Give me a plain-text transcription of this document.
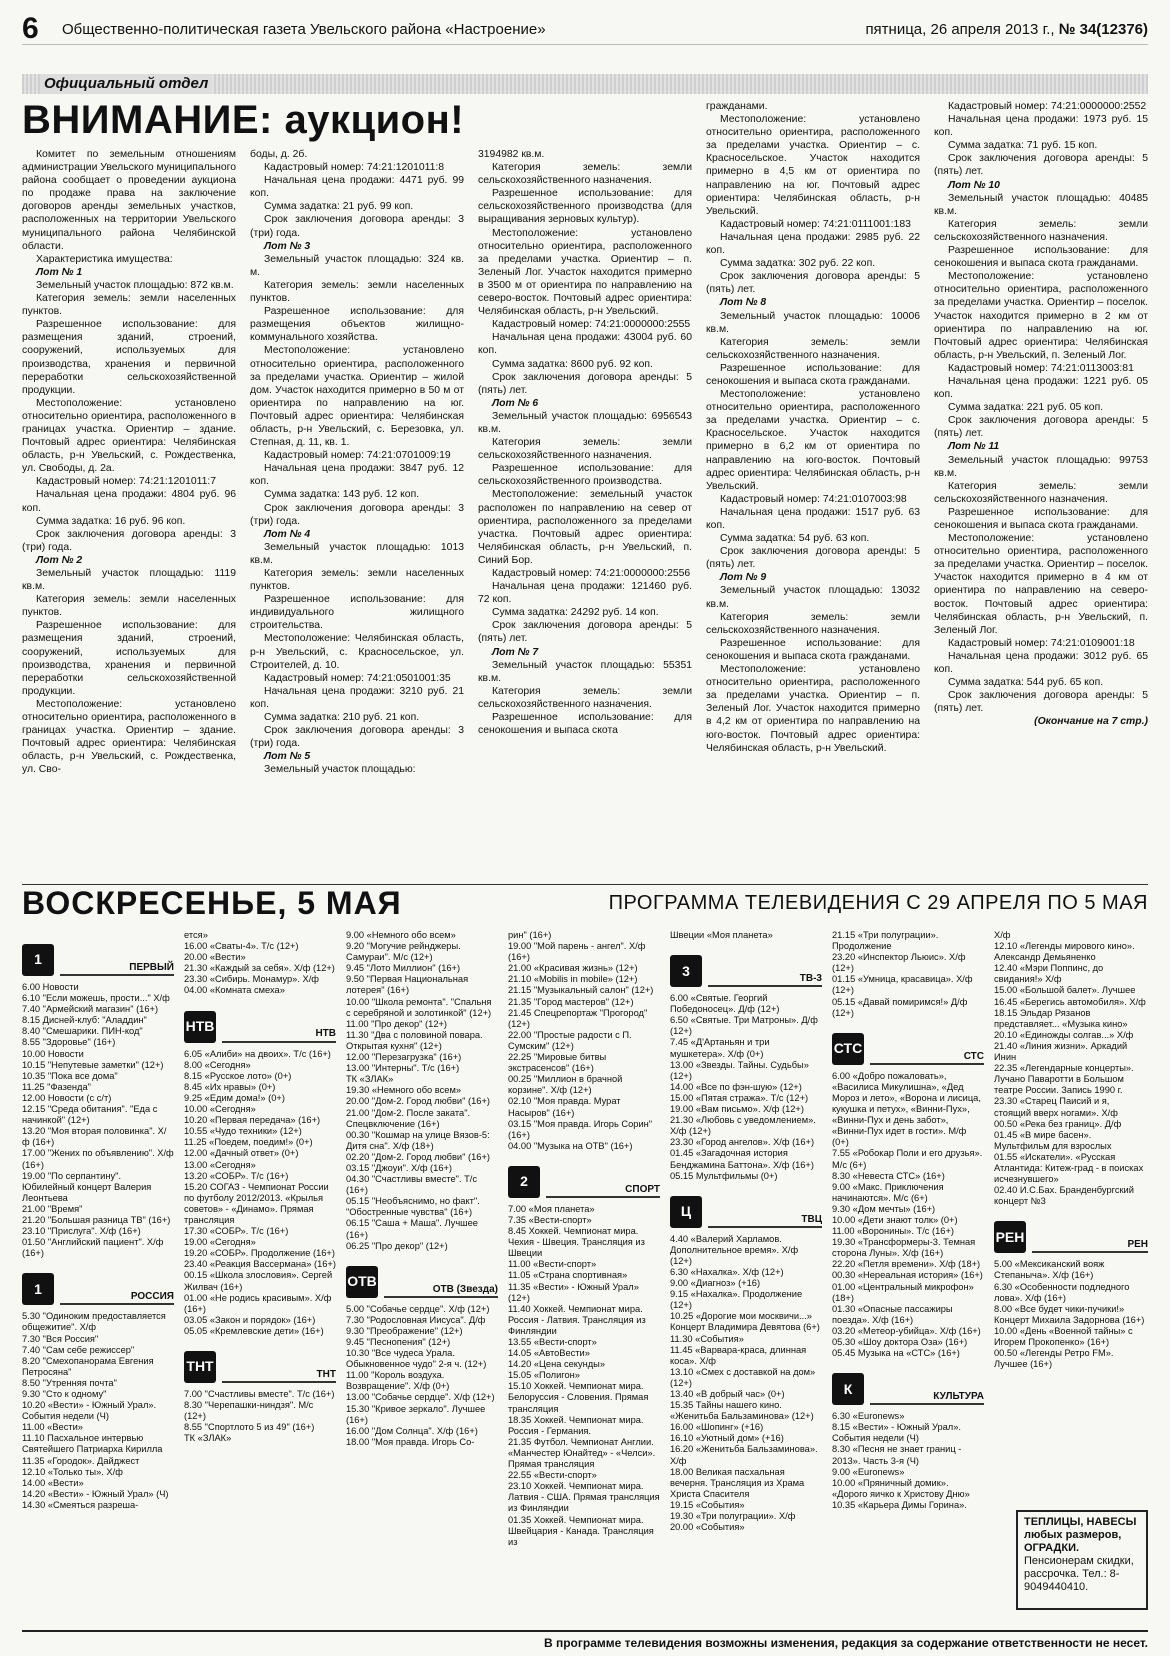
6	Общественно-политическая газета Увельского района «Настроение»	пятница, 26 апреля 2013 г., № 34(12376)
Официальный отдел
ВНИМАНИЕ: аукцион!

Комитет по земельным отношениям администрации Увельского муниципального района сообщает о проведении аукциона по продаже права на заключение договоров аренды земельных участков, расположенных на территории Увельского муниципального района Челябинской области.

Характеристика имущества:

Лот № 1

Земельный участок площадью: 872 кв.м.

Категория земель: земли населенных пунктов.

Разрешенное использование: для размещения зданий, строений, сооружений, используемых для производства, хранения и первичной переработки сельскохозяйственной продукции.

Местоположение: установлено относительно ориентира, расположенного в границах участка. Ориентир – здание. Почтовый адрес ориентира: Челябинская область, р-н Увельский, с. Рождественка, ул. Свободы, д. 2а.

Кадастровый номер: 74:21:1201011:7

Начальная цена продажи: 4804 руб. 96 коп.

Сумма задатка: 16 руб. 96 коп.

Срок заключения договора аренды: 3 (три) года.

Лот № 2

Земельный участок площадью: 1119 кв.м.

Категория земель: земли населенных пунктов.

Разрешенное использование: для размещения зданий, строений, сооружений, используемых для производства, хранения и первичной переработки сельскохозяйственной продукции.

Местоположение: установлено относительно ориентира, расположенного в границах участка. Ориентир – здание. Почтовый адрес ориентира: Челябинская область, р-н Увельский, с. Рождественка, ул. Сво-

боды, д. 2б.

Кадастровый номер: 74:21:1201011:8

Начальная цена продажи: 4471 руб. 99 коп.

Сумма задатка: 21 руб. 99 коп.

Срок заключения договора аренды: 3 (три) года.

Лот № 3

Земельный участок площадью: 324 кв. м.

Категория земель: земли населенных пунктов.

Разрешенное использование: для размещения объектов жилищно-коммунального хозяйства.

Местоположение: установлено относительно ориентира, расположенного за пределами участка. Ориентир – жилой дом. Участок находится примерно в 50 м от ориентира по направлению на юг. Почтовый адрес ориентира: Челябинская область, р-н Увельский, с. Березовка, ул. Степная, д. 11, кв. 1.

Кадастровый номер: 74:21:0701009:19

Начальная цена продажи: 3847 руб. 12 коп.

Сумма задатка: 143 руб. 12 коп.

Срок заключения договора аренды: 3 (три) года.

Лот № 4

Земельный участок площадью: 1013 кв.м.

Категория земель: земли населенных пунктов.

Разрешенное использование: для индивидуального жилищного строительства.

Местоположение: Челябинская область, р-н Увельский, с. Красносельское, ул. Строителей, д. 10.

Кадастровый номер: 74:21:0501001:35

Начальная цена продажи: 3210 руб. 21 коп.

Сумма задатка: 210 руб. 21 коп.

Срок заключения договора аренды: 3 (три) года.

Лот № 5

Земельный участок площадью:

3194982 кв.м.

Категория земель: земли сельскохозяйственного назначения.

Разрешенное использование: для сельскохозяйственного производства (для выращивания зерновых культур).

Местоположение: установлено относительно ориентира, расположенного за пределами участка. Ориентир – п. Зеленый Лог. Участок находится примерно в 3500 м от ориентира по направлению на северо-восток. Почтовый адрес ориентира: Челябинская область, р-н Увельский.

Кадастровый номер: 74:21:0000000:2555

Начальная цена продажи: 43004 руб. 60 коп.

Сумма задатка: 8600 руб. 92 коп.

Срок заключения договора аренды: 5 (пять) лет.

Лот № 6

Земельный участок площадью: 6956543 кв.м.

Категория земель: земли сельскохозяйственного назначения.

Разрешенное использование: для сельскохозяйственного производства.

Местоположение: земельный участок расположен по направлению на север от ориентира, расположенного за пределами участка. Почтовый адрес ориентира: Челябинская область, р-н Увельский, п. Синий Бор.

Кадастровый номер: 74:21:0000000:2556

Начальная цена продажи: 121460 руб. 72 коп.

Сумма задатка: 24292 руб. 14 коп.

Срок заключения договора аренды: 5 (пять) лет.

Лот № 7

Земельный участок площадью: 55351 кв.м.

Категория земель: земли сельскохозяйственного назначения.

Разрешенное использование: для сенокошения и выпаса скота

гражданами.

Местоположение: установлено относительно ориентира, расположенного за пределами участка. Ориентир – с. Красносельское. Участок находится примерно в 4,5 км от ориентира по направлению на юг. Почтовый адрес ориентира: Челябинская область, р-н Увельский.

Кадастровый номер: 74:21:0111001:183

Начальная цена продажи: 2985 руб. 22 коп.

Сумма задатка: 302 руб. 22 коп.

Срок заключения договора аренды: 5 (пять) лет.

Лот № 8

Земельный участок площадью: 10006 кв.м.

Категория земель: земли сельскохозяйственного назначения.

Разрешенное использование: для сенокошения и выпаса скота гражданами.

Местоположение: установлено относительно ориентира, расположенного за пределами участка. Ориентир – с. Красносельское. Участок находится примерно в 6,2 км от ориентира по направлению на юго-восток. Почтовый адрес ориентира: Челябинская область, р-н Увельский.

Кадастровый номер: 74:21:0107003:98

Начальная цена продажи: 1517 руб. 63 коп.

Сумма задатка: 54 руб. 63 коп.

Срок заключения договора аренды: 5 (пять) лет.

Лот № 9

Земельный участок площадью: 13032 кв.м.

Категория земель: земли сельскохозяйственного назначения.

Разрешенное использование: для сенокошения и выпаса скота гражданами.

Местоположение: установлено относительно ориентира, расположенного за пределами участка. Ориентир – п. Зеленый Лог. Участок находится примерно в 4,2 км от ориентира по направлению на юго-восток. Почтовый адрес ориентира: Челябинская область, р-н Увельский.

Кадастровый номер: 74:21:0000000:2552

Начальная цена продажи: 1973 руб. 15 коп.

Сумма задатка: 71 руб. 15 коп.

Срок заключения договора аренды: 5 (пять) лет.

Лот № 10

Земельный участок площадью: 40485 кв.м.

Категория земель: земли сельскохозяйственного назначения.

Разрешенное использование: для сенокошения и выпаса скота гражданами.

Местоположение: установлено относительно ориентира, расположенного за пределами участка. Ориентир – поселок. Участок находится примерно в 2 км от ориентира по направлению на юг. Почтовый адрес ориентира: Челябинская область, р-н Увельский, п. Зеленый Лог.

Кадастровый номер: 74:21:0113003:81

Начальная цена продажи: 1221 руб. 05 коп.

Сумма задатка: 221 руб. 05 коп.

Срок заключения договора аренды: 5 (пять) лет.

Лот № 11

Земельный участок площадью: 99753 кв.м.

Категория земель: земли сельскохозяйственного назначения.

Разрешенное использование: для сенокошения и выпаса скота гражданами.

Местоположение: установлено относительно ориентира, расположенного за пределами участка. Ориентир – поселок. Участок находится примерно в 4 км от ориентира по направлению на северо-восток. Почтовый адрес ориентира: Челябинская область, р-н Увельский, п. Зеленый Лог.

Кадастровый номер: 74:21:0109001:18

Начальная цена продажи: 3012 руб. 65 коп.

Сумма задатка: 544 руб. 65 коп.

Срок заключения договора аренды: 5 (пять) лет.

(Окончание на 7 стр.)

ВОСКРЕСЕНЬЕ, 5 МАЯ	ПРОГРАММА ТЕЛЕВИДЕНИЯ С 29 АПРЕЛЯ ПО 5 МАЯ
1	ПЕРВЫЙ
6.00 Новости
6.10 "Если можешь, прости..." Х/ф
7.40 "Армейский магазин" (16+)
8.15 Дисней-клуб: "Аладдин"
8.40 "Смешарики. ПИН-код"
8.55 "Здоровье" (16+)
10.00 Новости
10.15 "Непутевые заметки" (12+)
10.35 "Пока все дома"
11.25 "Фазенда"
12.00 Новости (с с/т)
12.15 "Среда обитания". "Еда с начинкой" (12+)
13.20 "Моя вторая половинка". Х/ф (16+)
17.00 "Жених по объявлению". Х/ф (16+)
19.00 "По серпантину". Юбилейный концерт Валерия Леонтьева
21.00 "Время"
21.20 "Большая разница ТВ" (16+)
23.10 "Прислуга". Х/ф (16+)
01.50 "Английский пациент". Х/ф (16+)
1	РОССИЯ
5.30 "Одиноким предоставляется общежитие". Х/ф
7.30 "Вся Россия"
7.40 "Сам себе режиссер"
8.20 "Смехопанорама Евгения Петросяна"
8.50 "Утренняя почта"
9.30 "Сто к одному"
10.20 «Вести» - Южный Урал». События недели (Ч)
11.00 «Вести»
11.10 Пасхальное интервью Святейшего Патриарха Кирилла
11.35 «Городок». Дайджест
12.10 «Только ты». Х/ф
14.00 «Вести»
14.20 «Вести» - Южный Урал» (Ч)
14.30 «Смеяться разреша-
ется»
16.00 «Сваты-4». Т/с (12+)
20.00 «Вести»
21.30 «Каждый за себя». Х/ф (12+)
23.30 «Сибирь. Монамур». Х/ф
04.00 «Комната смеха»
НТВ	НТВ
6.05 «Алиби» на двоих». Т/с (16+)
8.00 «Сегодня»
8.15 «Русское лото» (0+)
8.45 «Их нравы» (0+)
9.25 «Едим дома!» (0+)
10.00 «Сегодня»
10.20 «Первая передача» (16+)
10.55 «Чудо техники» (12+)
11.25 «Поедем, поедим!» (0+)
12.00 «Дачный ответ» (0+)
13.00 «Сегодня»
13.20 «СОБР». Т/с (16+)
15.20 СОГАЗ - Чемпионат России по футболу 2012/2013. «Крылья советов» - «Динамо». Прямая трансляция
17.30 «СОБР». Т/с (16+)
19.00 «Сегодня»
19.20 «СОБР». Продолжение (16+)
23.40 «Реакция Вассермана» (16+)
00.15 «Школа злословия». Сергей Жилвач (16+)
01.00 «Не родись красивым». Х/ф (16+)
03.05 «Закон и порядок» (16+)
05.05 «Кремлевские дети» (16+)
ТНТ	ТНТ
7.00 "Счастливы вместе". Т/с (16+)
8.30 "Черепашки-ниндзя". М/с (12+)
8.55 "Спортлото 5 из 49" (16+)
ТК «ЗЛАК»
9.00 «Немного обо всем»
9.20 "Могучие рейнджеры. Самураи". М/с (12+)
9.45 "Лото Миллион" (16+)
9.50 "Первая Национальная лотерея" (16+)
10.00 "Школа ремонта". "Спальня с серебряной и золотинкой" (12+)
11.00 "Про декор" (12+)
11.30 "Два с половиной повара. Открытая кухня" (12+)
12.00 "Перезагрузка" (16+)
13.00 "Интерны". Т/с (16+)
ТК «ЗЛАК»
19.30 «Немного обо всем»
20.00 "Дом-2. Город любви" (16+)
21.00 "Дом-2. После заката". Спецвключение (16+)
00.30 "Кошмар на улице Вязов-5: Дитя сна". Х/ф (18+)
02.20 "Дом-2. Город любви" (16+)
03.15 "Джоуи". Х/ф (16+)
04.30 "Счастливы вместе". Т/с (16+)
05.15 "Необъяснимо, но факт". "Обостренные чувства" (16+)
06.15 "Саша + Маша". Лучшее (16+)
06.25 "Про декор" (12+)
ОТВ	ОТВ (Звезда)
5.00 "Собачье сердце". Х/ф (12+)
7.30 "Родословная Иисуса". Д/ф
9.30 "Преображение" (12+)
9.45 "Песнопения" (12+)
10.30 "Все чудеса Урала. Обыкновенное чудо" 2-я ч. (12+)
11.00 "Король воздуха. Возвращение". Х/ф (0+)
13.00 "Собачье сердце". Х/ф (12+)
15.30 "Кривое зеркало". Лучшее (16+)
16.00 "Дом Солнца". Х/ф (16+)
18.00 "Моя правда. Игорь Со-
рин" (16+)
19.00 "Мой парень - ангел". Х/ф (16+)
21.00 «Красивая жизнь» (12+)
21.10 «Mobilis in mobile» (12+)
21.15 "Музыкальный салон" (12+)
21.35 "Город мастеров" (12+)
21.45 Спецрепортаж "Прогород" (12+)
22.00 "Простые радости с П. Сумским" (12+)
22.25 "Мировые битвы экстрасенсов" (16+)
00.25 "Миллион в брачной корзине". Х/ф (12+)
02.10 "Моя правда. Мурат Насыров" (16+)
03.15 "Моя правда. Игорь Сорин" (16+)
04.00 "Музыка на ОТВ" (16+)
2	СПОРТ
7.00 «Моя планета»
7.35 «Вести-спорт»
8.45 Хоккей. Чемпионат мира. Чехия - Швеция. Трансляция из Швеции
11.00 «Вести-спорт»
11.05 «Страна спортивная»
11.35 «Вести» - Южный Урал» (12+)
11.40 Хоккей. Чемпионат мира. Россия - Латвия. Трансляция из Финляндии
13.55 «Вести-спорт»
14.05 «АвтоВести»
14.20 «Цена секунды»
15.05 «Полигон»
15.10 Хоккей. Чемпионат мира. Белоруссия - Словения. Прямая трансляция
18.35 Хоккей. Чемпионат мира. Россия - Германия.
21.35 Футбол. Чемпионат Англии. «Манчестер Юнайтед» - «Челси». Прямая трансляция
22.55 «Вести-спорт»
23.10 Хоккей. Чемпионат мира. Латвия - США. Прямая трансляция из Финляндии
01.35 Хоккей. Чемпионат мира. Швейцария - Канада. Трансляция из
Швеции «Моя планета»
3	ТВ-3
6.00 «Святые. Георгий Победоносец». Д/ф (12+)
6.50 «Святые. Три Матроны». Д/ф (12+)
7.45 «Д'Артаньян и три мушкетера». Х/ф (0+)
13.00 «Звезды. Тайны. Судьбы» (12+)
14.00 «Все по фэн-шую» (12+)
15.00 «Пятая стража». Т/с (12+)
19.00 «Вам письмо». Х/ф (12+)
21.30 «Любовь с уведомлением». Х/ф (12+)
23.30 «Город ангелов». Х/ф (16+)
01.45 «Загадочная история Бенджамина Баттона». Х/ф (16+)
05.15 Мультфильмы (0+)
Ц	ТВЦ
4.40 «Валерий Харламов. Дополнительное время». Х/ф (12+)
6.30 «Нахалка». Х/ф (12+)
9.00 «Диагноз» (+16)
9.15 «Нахалка». Продолжение (12+)
10.25 «Дорогие мои москвичи...» Концерт Владимира Девятова (6+)
11.30 «События»
11.45 «Варвара-краса, длинная коса». Х/ф
13.10 «Смех с доставкой на дом» (12+)
13.40 «В добрый час» (0+)
15.35 Тайны нашего кино. «Женитьба Бальзаминова» (12+)
16.00 «Шопинг» (+16)
16.10 «Уютный дом» (+16)
16.20 «Женитьба Бальзаминова». Х/ф
18.00 Великая пасхальная вечерня. Трансляция из Храма Христа Спасителя
19.15 «События»
19.30 «Три полуграции». Х/ф
20.00 «События»
21.15 «Три полуграции». Продолжение
23.20 «Инспектор Льюис». Х/ф (12+)
01.15 «Умница, красавица». Х/ф (12+)
05.15 «Давай помиримся!» Д/ф (12+)
СТС	СТС
6.00 «Добро пожаловать», «Василиса Микулишна», «Дед Мороз и лето», «Ворона и лисица, кукушка и петух», «Винни-Пух», «Винни-Пух и день забот», «Винни-Пух идет в гости». М/ф (0+)
7.55 «Робокар Поли и его друзья». М/с (6+)
8.30 «Невеста СТС» (16+)
9.00 «Макс. Приключения начинаются». М/с (6+)
9.30 «Дом мечты» (16+)
10.00 «Дети знают толк» (0+)
11.00 «Воронины». Т/с (16+)
19.30 «Трансформеры-3. Темная сторона Луны». Х/ф (16+)
22.20 «Петля времени». Х/ф (18+)
00.30 «Нереальная история» (16+)
01.00 «Центральный микрофон» (18+)
01.30 «Опасные пассажиры поезда». Х/ф (16+)
03.20 «Метеор-убийца». Х/ф (16+)
05.30 «Шоу доктора Оза» (16+)
05.45 Музыка на «СТС» (16+)
К	КУЛЬТУРА
6.30 «Euronews»
8.15 «Вести» - Южный Урал». События недели (Ч)
8.30 «Песня не знает границ - 2013». Часть 3-я (Ч)
9.00 «Euronews»
10.00 «Пряничный домик». «Дорого яичко к Христову Дню»
10.35 «Карьера Димы Горина».
Х/ф
12.10 «Легенды мирового кино». Александр Демьяненко
12.40 «Мэри Поппинс, до свидания!» Х/ф
15.00 «Большой балет». Лучшее
16.45 «Берегись автомобиля». Х/ф
18.15 Эльдар Рязанов представляет... «Музыка кино»
20.10 «Единожды солгав...» Х/ф
21.40 «Линия жизни». Аркадий Инин
22.35 «Легендарные концерты». Лучано Паваротти в Большом театре России. Запись 1990 г.
23.30 «Старец Паисий и я, стоящий вверх ногами». Х/ф
00.50 «Река без границ». Д/ф
01.45 «В мире басен». Мультфильм для взрослых
01.55 «Искатели». «Русская Атлантида: Китеж-град - в поисках исчезнувшего»
02.40 И.С.Бах. Бранденбургский концерт №3
РЕН	РЕН
5.00 «Мексиканский вояж Степаныча». Х/ф (16+)
6.30 «Особенности подледного лова». Х/ф (16+)
8.00 «Все будет чики-пучики!» Концерт Михаила Задорнова (16+)
10.00 «День «Военной тайны» с Игорем Прокопенко» (16+)
00.50 «Легенды Ретро FM». Лучшее (16+)
ТЕПЛИЦЫ, НАВЕСЫ любых размеров, ОГРАДКИ.
Пенсионерам скидки, рассрочка. Тел.: 8-9049440410.
В программе телевидения возможны изменения, редакция за содержание ответственности не несет.
